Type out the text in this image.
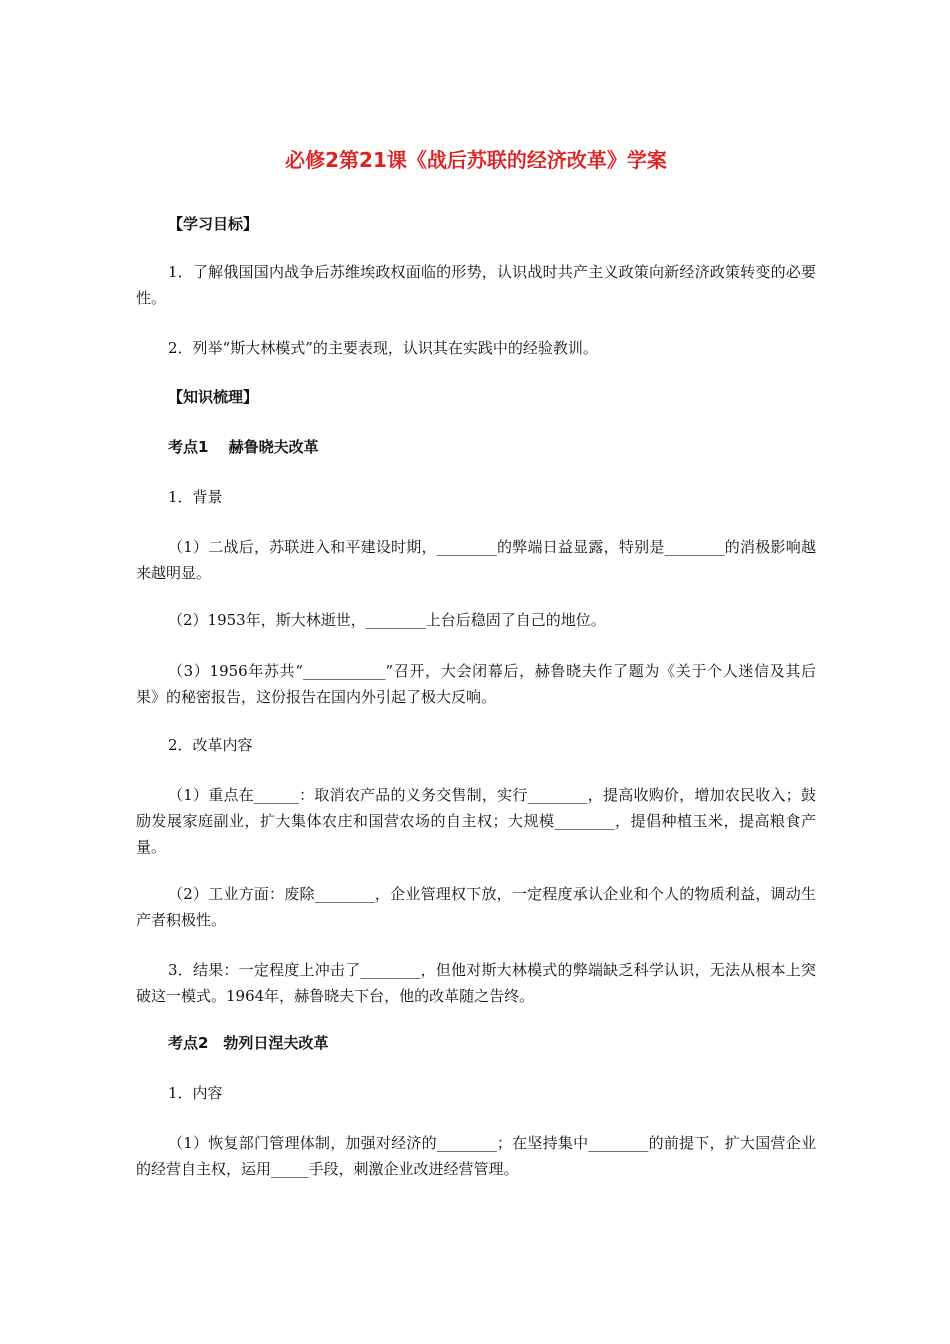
必修2第21课《战后苏联的经济改革》学案
【学习目标】
1．了解俄国国内战争后苏维埃政权面临的形势，认识战时共产主义政策向新经济政策转变的必要性。
2．列举“斯大林模式”的主要表现，认识其在实践中的经验教训。
【知识梳理】
考点1　 赫鲁晓夫改革
1．背景
（1）二战后，苏联进入和平建设时期，________的弊端日益显露，特别是________的消极影响越来越明显。
（2）1953年，斯大林逝世，________上台后稳固了自己的地位。
（3）1956年苏共“___________”召开，大会闭幕后，赫鲁晓夫作了题为《关于个人迷信及其后果》的秘密报告，这份报告在国内外引起了极大反响。
2．改革内容
（1）重点在______：取消农产品的义务交售制，实行________，提高收购价，增加农民收入；鼓励发展家庭副业，扩大集体农庄和国营农场的自主权；大规模________，提倡种植玉米，提高粮食产量。
（2）工业方面：废除________，企业管理权下放，一定程度承认企业和个人的物质利益，调动生产者积极性。
3．结果：一定程度上冲击了________，但他对斯大林模式的弊端缺乏科学认识，无法从根本上突破这一模式。1964年，赫鲁晓夫下台，他的改革随之告终。
考点2　勃列日涅夫改革
1．内容
（1）恢复部门管理体制，加强对经济的________；在坚持集中________的前提下，扩大国营企业的经营自主权，运用_____手段，刺激企业改进经营管理。
